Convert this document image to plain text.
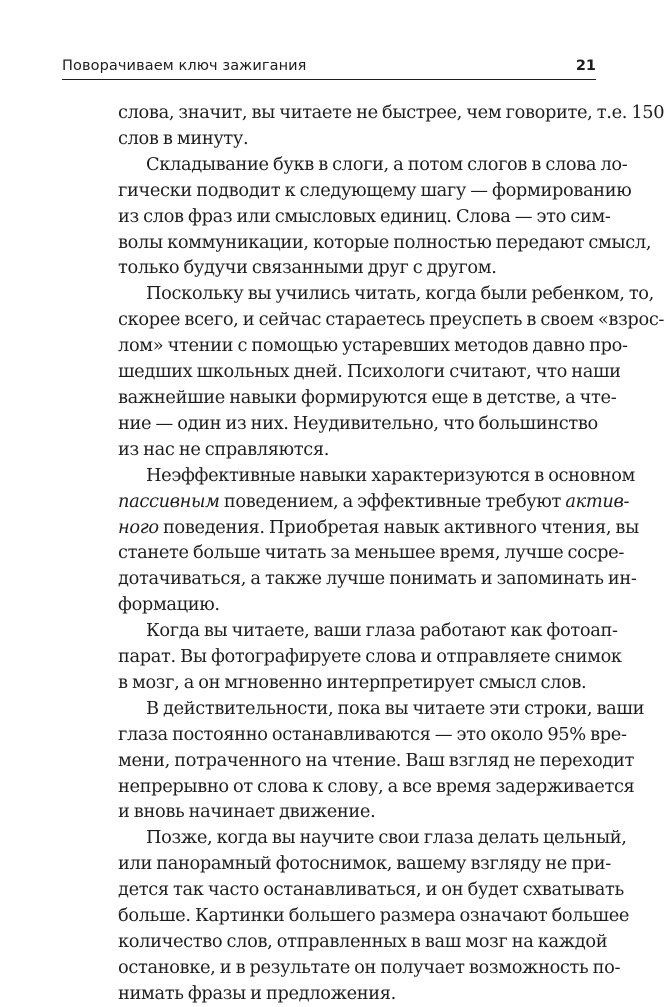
Поворачиваем ключ зажигания	21
слова, значит, вы читаете не быстрее, чем говорите, т.е. 150
слов в минуту.
Складывание букв в слоги, а потом слогов в слова ло-
гически подводит к следующему шагу — формированию
из слов фраз или смысловых единиц. Слова — это сим-
волы коммуникации, которые полностью передают смысл,
только будучи связанными друг с другом.
Поскольку вы учились читать, когда были ребенком, то,
скорее всего, и сейчас стараетесь преуспеть в своем «взрос-
лом» чтении с помощью устаревших методов давно про-
шедших школьных дней. Психологи считают, что наши
важнейшие навыки формируются еще в детстве, а чте-
ние — один из них. Неудивительно, что большинство
из нас не справляются.
Неэффективные навыки характеризуются в основном
пассивным поведением, а эффективные требуют актив-
ного поведения. Приобретая навык активного чтения, вы
станете больше читать за меньшее время, лучше сосре-
дотачиваться, а также лучше понимать и запоминать ин-
формацию.
Когда вы читаете, ваши глаза работают как фотоап-
парат. Вы фотографируете слова и отправляете снимок
в мозг, а он мгновенно интерпретирует смысл слов.
В действительности, пока вы читаете эти строки, ваши
глаза постоянно останавливаются — это около 95% вре-
мени, потраченного на чтение. Ваш взгляд не переходит
непрерывно от слова к слову, а все время задерживается
и вновь начинает движение.
Позже, когда вы научите свои глаза делать цельный,
или панорамный фотоснимок, вашему взгляду не при-
дется так часто останавливаться, и он будет схватывать
больше. Картинки большего размера означают большее
количество слов, отправленных в ваш мозг на каждой
остановке, и в результате он получает возможность по-
нимать фразы и предложения.
